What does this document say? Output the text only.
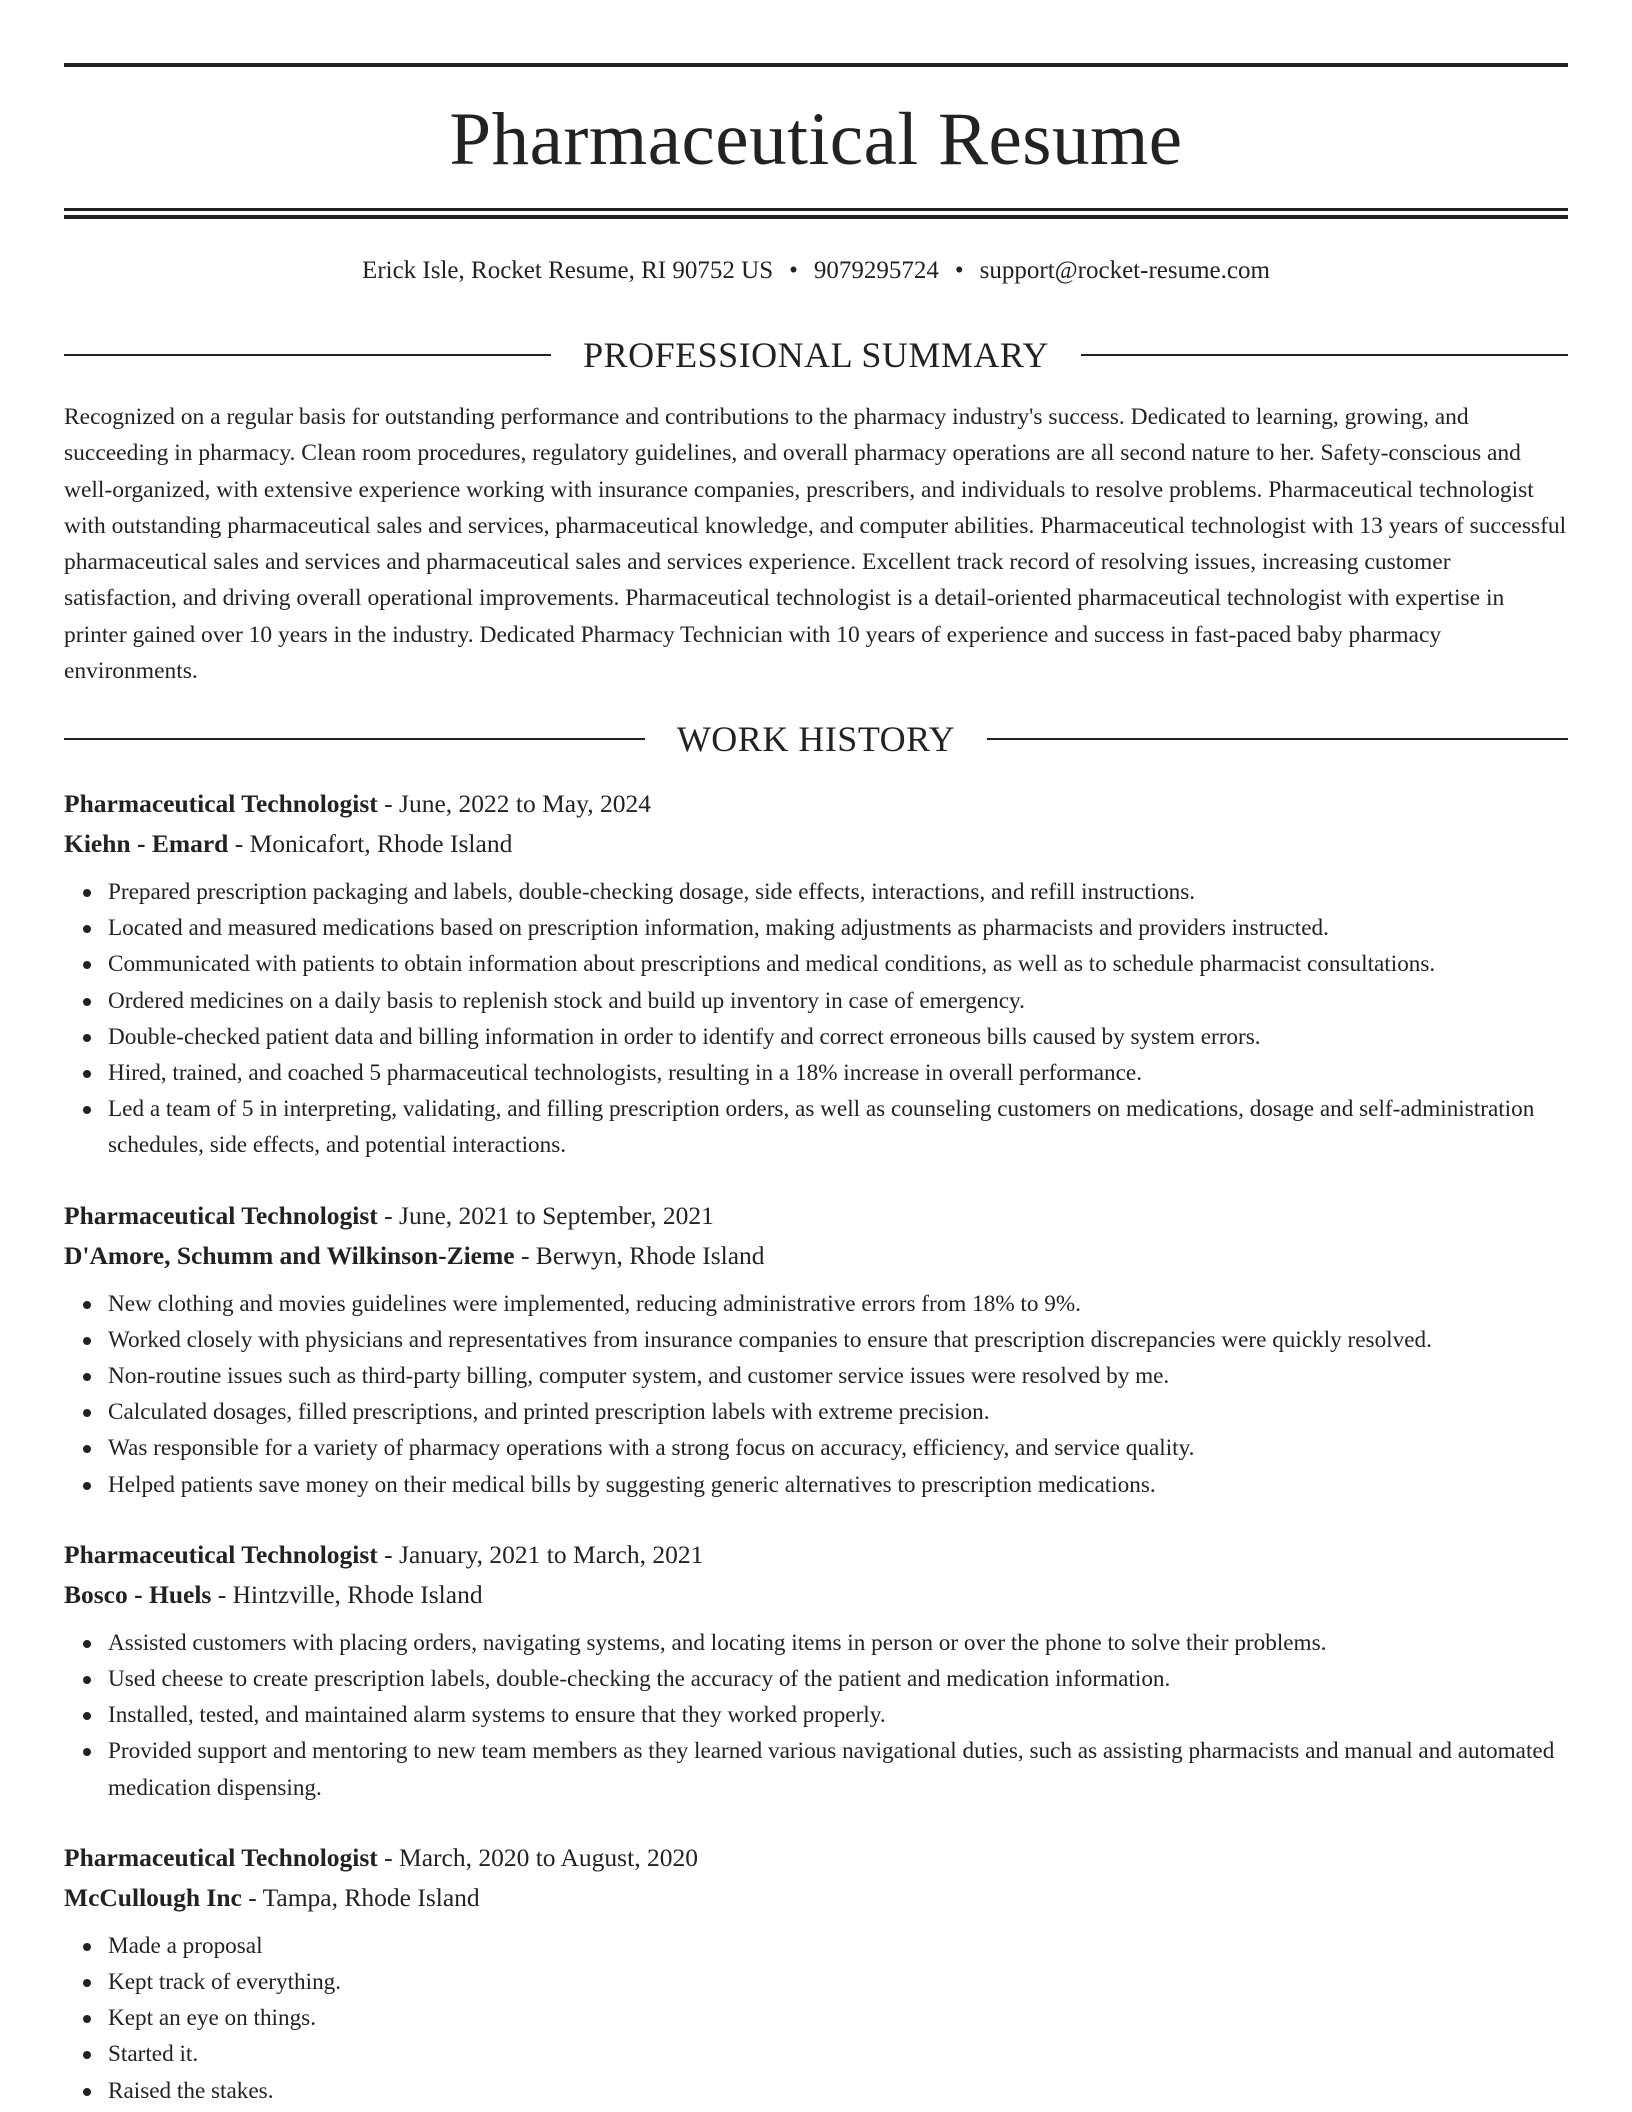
Pharmaceutical Resume
Erick Isle, Rocket Resume, RI 90752 US • 9079295724 • support@rocket-resume.com
PROFESSIONAL SUMMARY

Recognized on a regular basis for outstanding performance and contributions to the pharmacy industry's success. Dedicated to learning, growing, and succeeding in pharmacy. Clean room procedures, regulatory guidelines, and overall pharmacy operations are all second nature to her. Safety-conscious and well-organized, with extensive experience working with insurance companies, prescribers, and individuals to resolve problems. Pharmaceutical technologist with outstanding pharmaceutical sales and services, pharmaceutical knowledge, and computer abilities. Pharmaceutical technologist with 13 years of successful pharmaceutical sales and services and pharmaceutical sales and services experience. Excellent track record of resolving issues, increasing customer satisfaction, and driving overall operational improvements. Pharmaceutical technologist is a detail-oriented pharmaceutical technologist with expertise in printer gained over 10 years in the industry. Dedicated Pharmacy Technician with 10 years of experience and success in fast-paced baby pharmacy environments.

WORK HISTORY

Pharmaceutical Technologist - June, 2022 to May, 2024

Kiehn - Emard - Monicafort, Rhode Island

Prepared prescription packaging and labels, double-checking dosage, side effects, interactions, and refill instructions.
Located and measured medications based on prescription information, making adjustments as pharmacists and providers instructed.
Communicated with patients to obtain information about prescriptions and medical conditions, as well as to schedule pharmacist consultations.
Ordered medicines on a daily basis to replenish stock and build up inventory in case of emergency.
Double-checked patient data and billing information in order to identify and correct erroneous bills caused by system errors.
Hired, trained, and coached 5 pharmaceutical technologists, resulting in a 18% increase in overall performance.
Led a team of 5 in interpreting, validating, and filling prescription orders, as well as counseling customers on medications, dosage and self-administration schedules, side effects, and potential interactions.

Pharmaceutical Technologist - June, 2021 to September, 2021

D'Amore, Schumm and Wilkinson-Zieme - Berwyn, Rhode Island

New clothing and movies guidelines were implemented, reducing administrative errors from 18% to 9%.
Worked closely with physicians and representatives from insurance companies to ensure that prescription discrepancies were quickly resolved.
Non-routine issues such as third-party billing, computer system, and customer service issues were resolved by me.
Calculated dosages, filled prescriptions, and printed prescription labels with extreme precision.
Was responsible for a variety of pharmacy operations with a strong focus on accuracy, efficiency, and service quality.
Helped patients save money on their medical bills by suggesting generic alternatives to prescription medications.

Pharmaceutical Technologist - January, 2021 to March, 2021

Bosco - Huels - Hintzville, Rhode Island

Assisted customers with placing orders, navigating systems, and locating items in person or over the phone to solve their problems.
Used cheese to create prescription labels, double-checking the accuracy of the patient and medication information.
Installed, tested, and maintained alarm systems to ensure that they worked properly.
Provided support and mentoring to new team members as they learned various navigational duties, such as assisting pharmacists and manual and automated medication dispensing.

Pharmaceutical Technologist - March, 2020 to August, 2020

McCullough Inc - Tampa, Rhode Island

Made a proposal
Kept track of everything.
Kept an eye on things.
Started it.
Raised the stakes.
